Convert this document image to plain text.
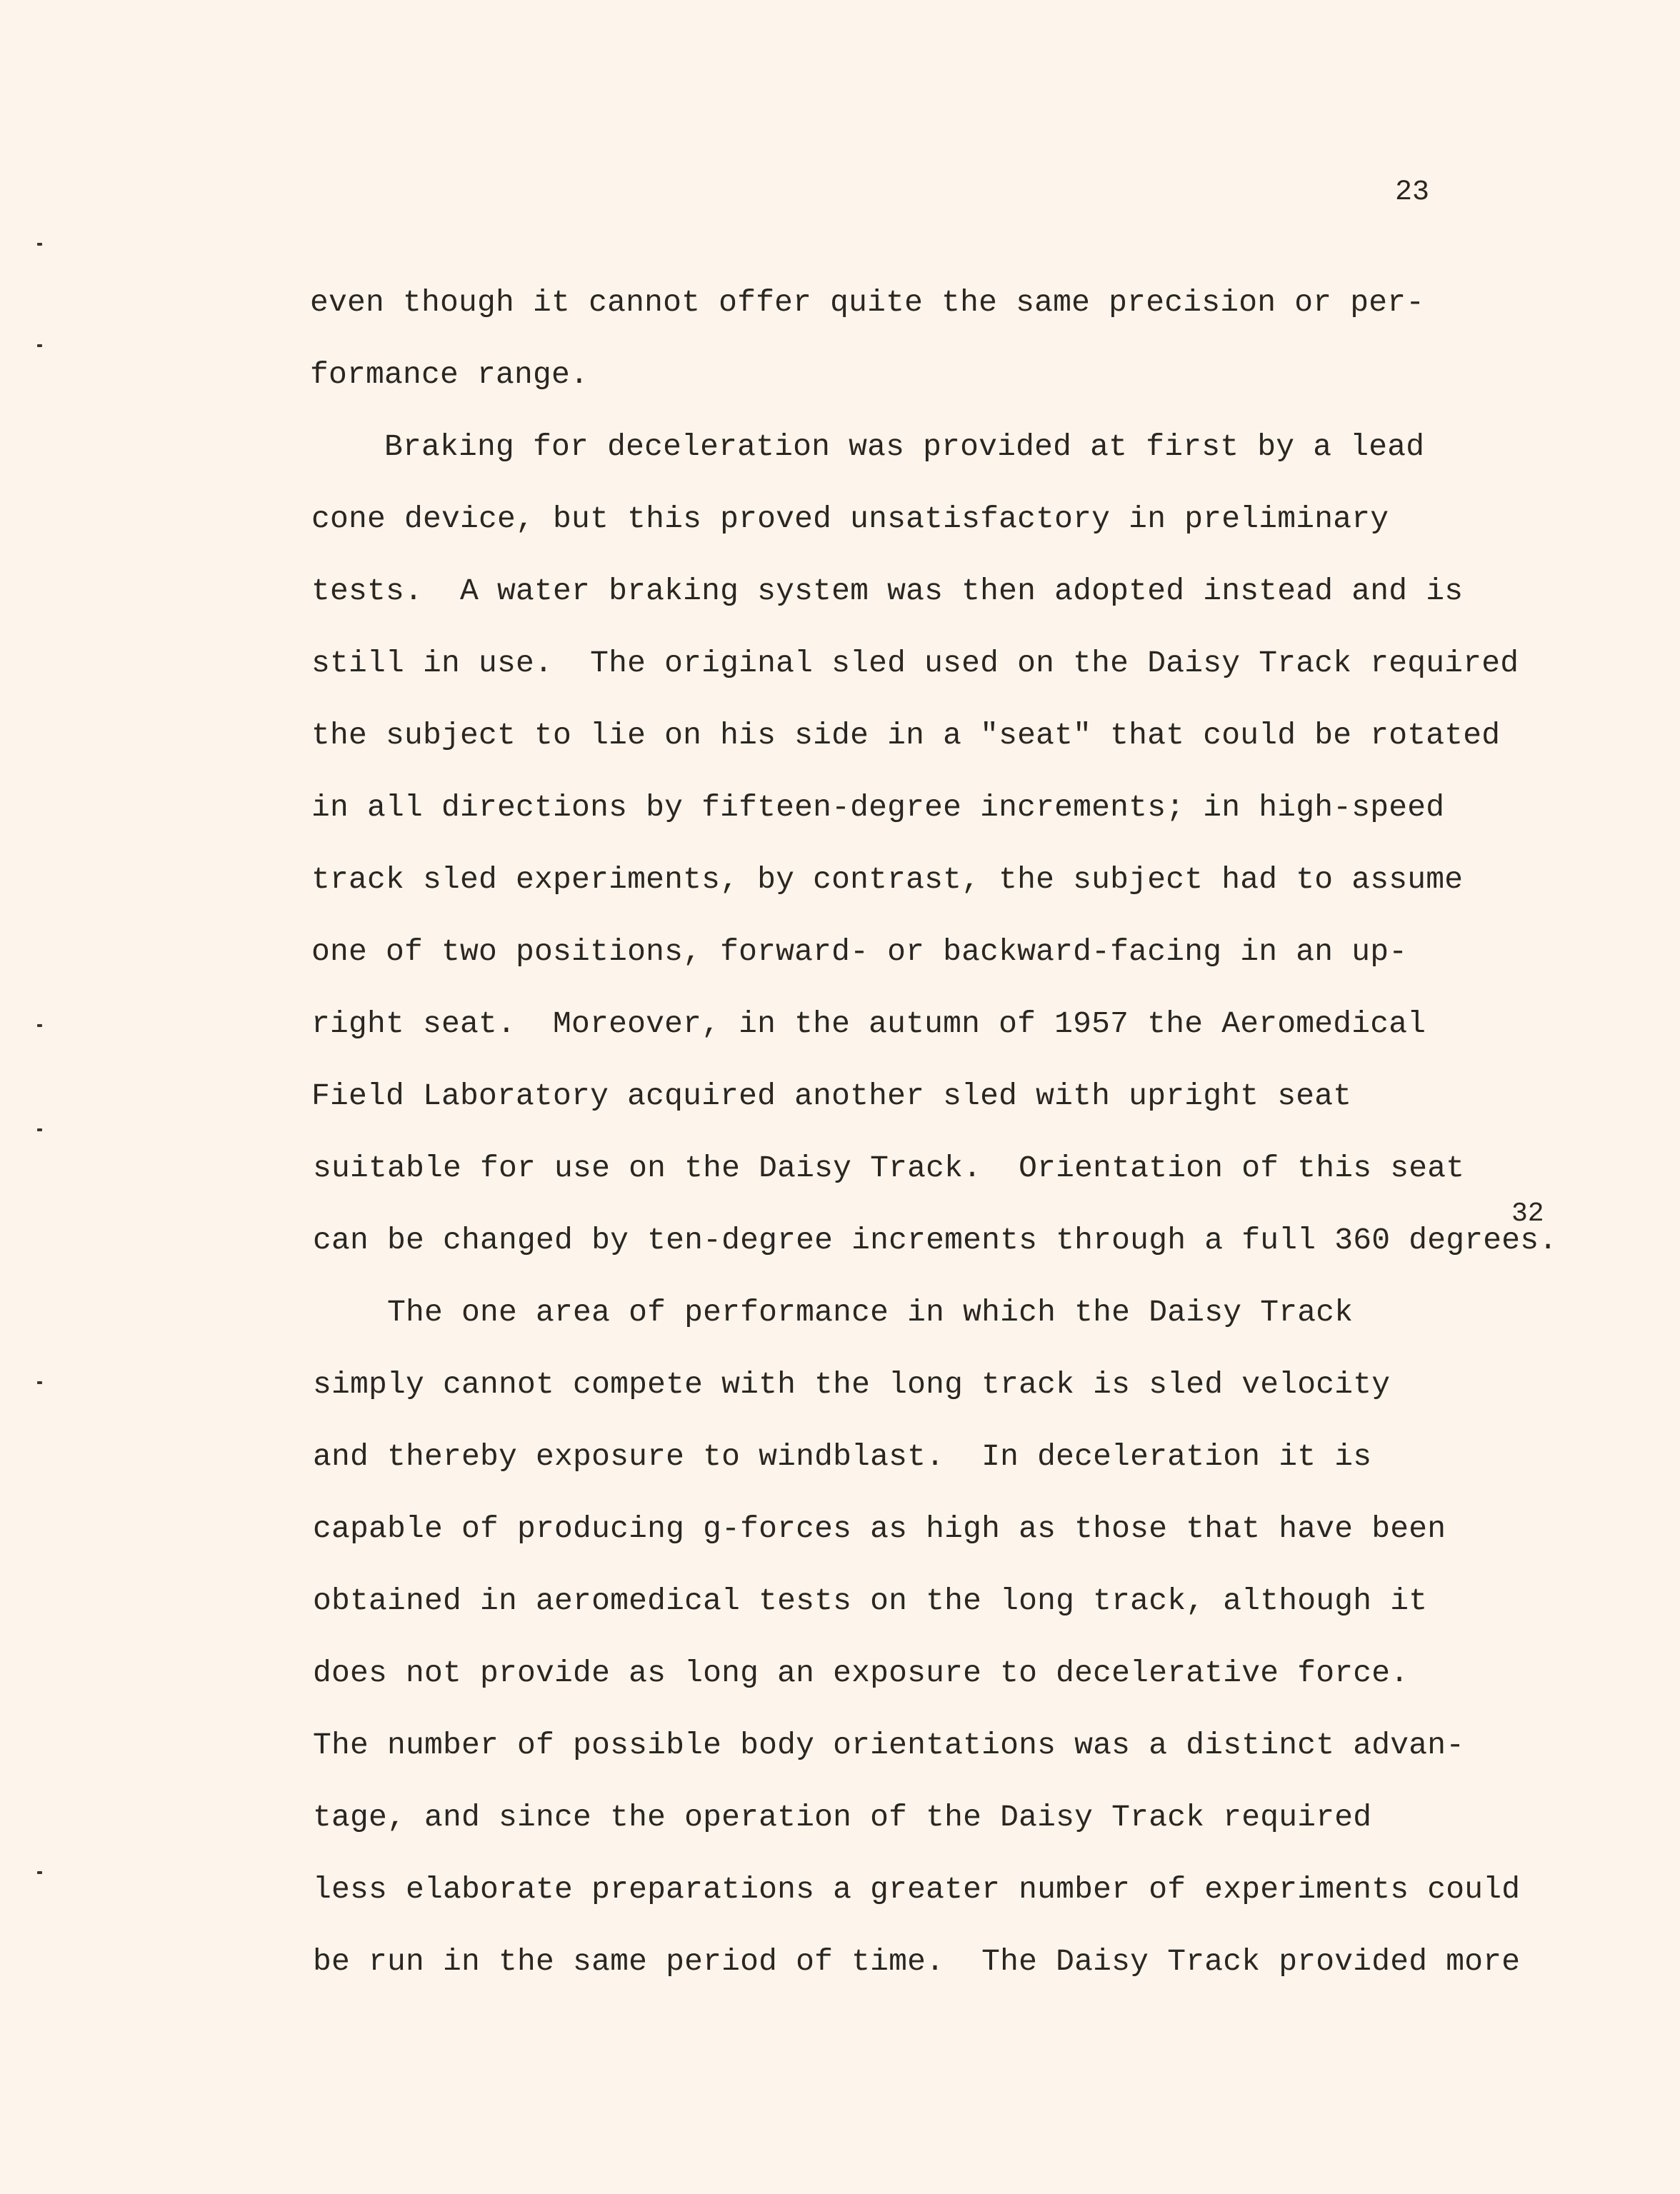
23
even though it cannot offer quite the same precision or per-
formance range.
Braking for deceleration was provided at first by a lead
cone device, but this proved unsatisfactory in preliminary
tests.  A water braking system was then adopted instead and is
still in use.  The original sled used on the Daisy Track required
the subject to lie on his side in a "seat" that could be rotated
in all directions by fifteen-degree increments; in high-speed
track sled experiments, by contrast, the subject had to assume
one of two positions, forward- or backward-facing in an up-
right seat.  Moreover, in the autumn of 1957 the Aeromedical
Field Laboratory acquired another sled with upright seat
suitable for use on the Daisy Track.  Orientation of this seat
can be changed by ten-degree increments through a full 360 degrees.
The one area of performance in which the Daisy Track
simply cannot compete with the long track is sled velocity
and thereby exposure to windblast.  In deceleration it is
capable of producing g-forces as high as those that have been
obtained in aeromedical tests on the long track, although it
does not provide as long an exposure to decelerative force.
The number of possible body orientations was a distinct advan-
tage, and since the operation of the Daisy Track required
less elaborate preparations a greater number of experiments could
be run in the same period of time.  The Daisy Track provided more
32
